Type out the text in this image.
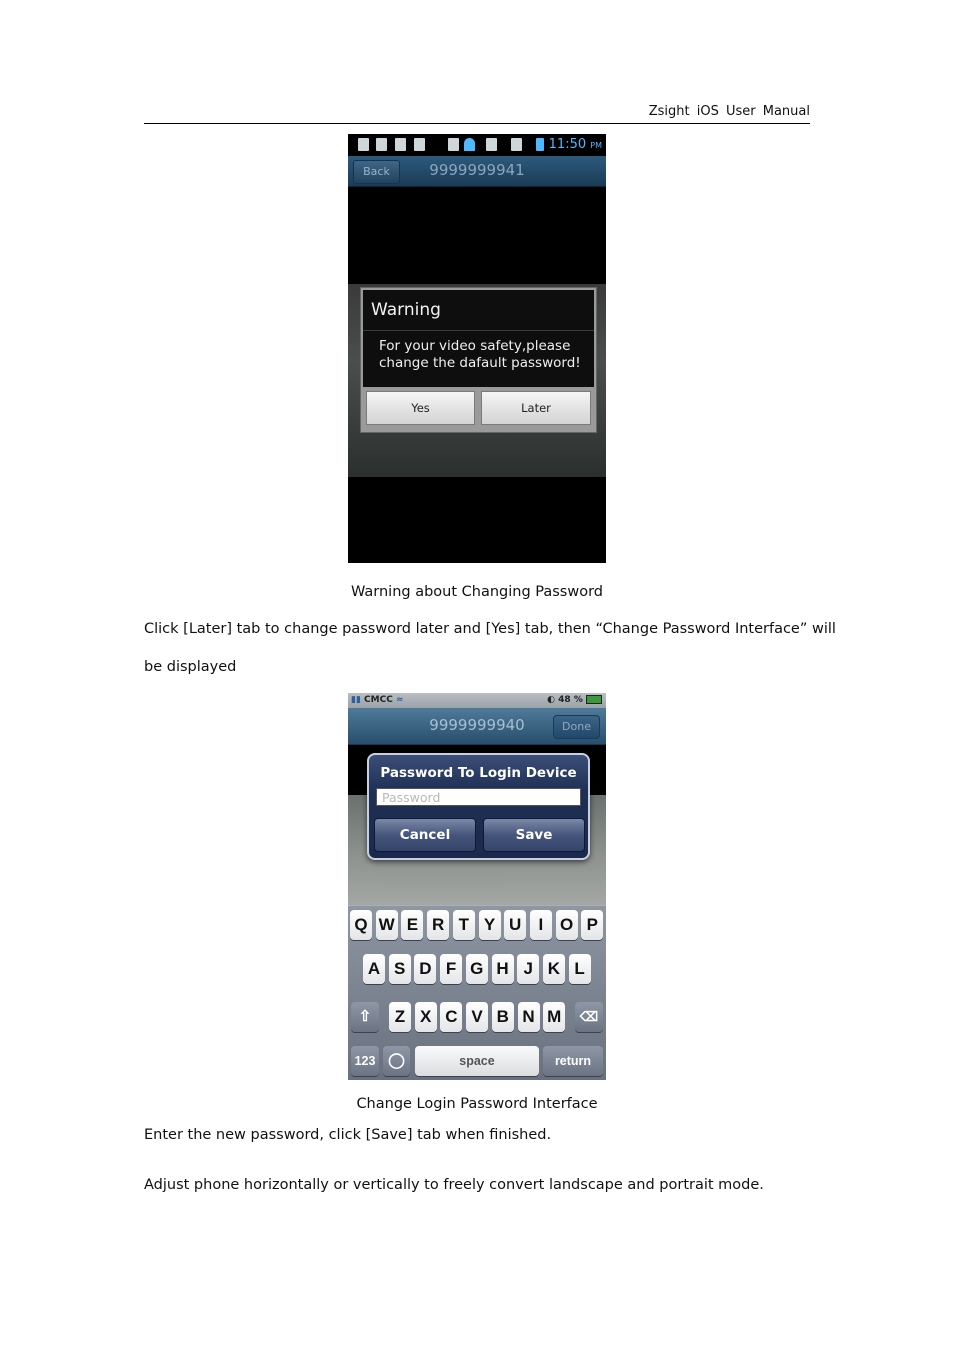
Zsight iOS User Manual
11:50 PM
Back	9999999941
Warning
For your video safety,please
change the dafault password!
Yes	Later
Warning about Changing Password
Click [Later] tab to change password later and [Yes] tab, then “Change Password Interface” will
be displayed
▮▮ CMCC ≈	◐ 48 %
9999999940	Done
Password To Login Device
Password
Cancel	Save
Q W E R T Y U	I O P
A S D F G H J K L
⇧	⌫
Z X C V B N M
123 ◯	space	return
Change Login Password Interface
Enter the new password, click [Save] tab when finished.
Adjust phone horizontally or vertically to freely convert landscape and portrait mode.
